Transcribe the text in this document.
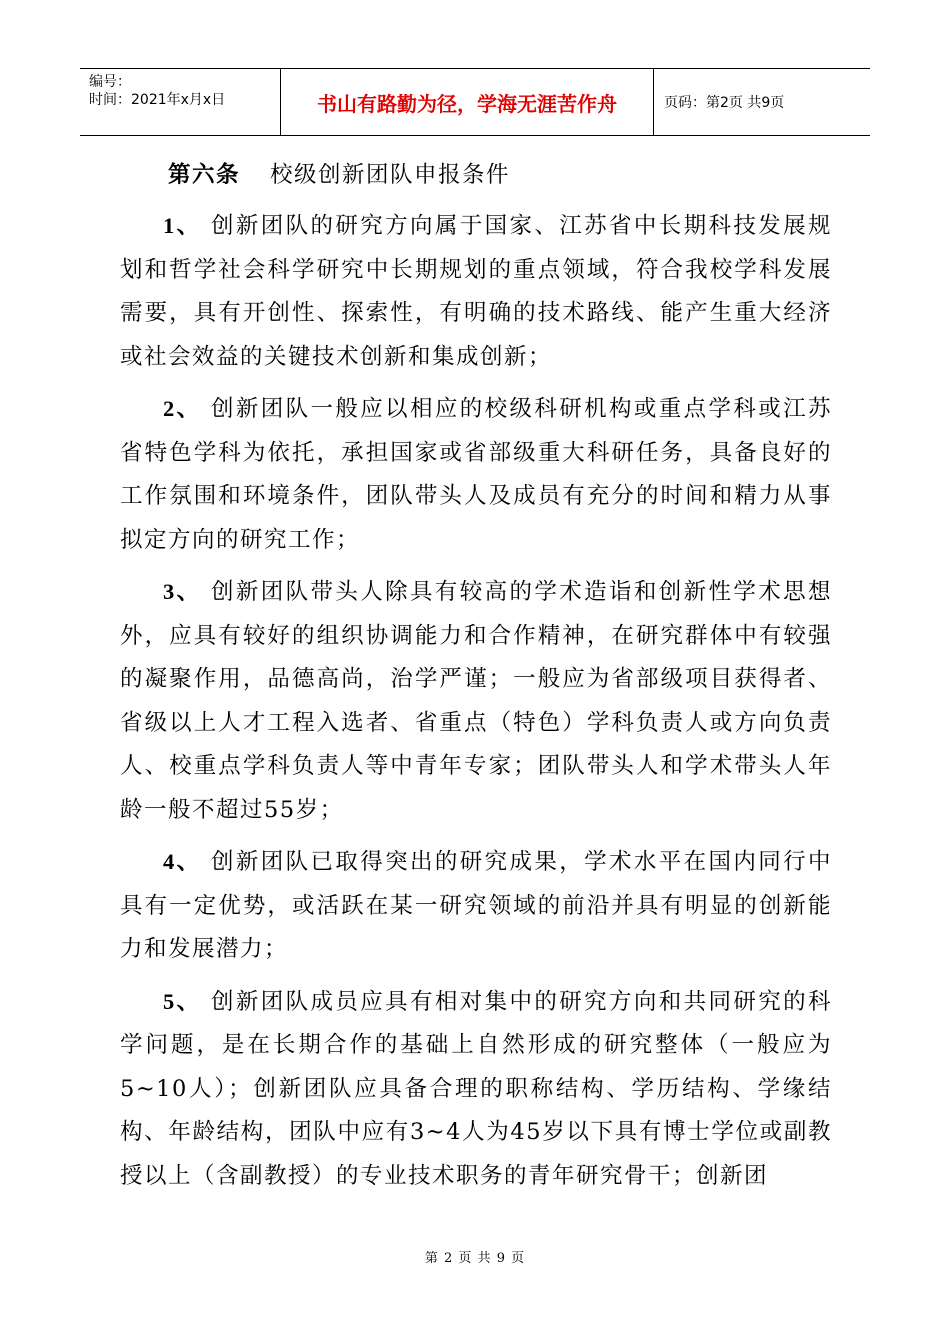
编号：
时间：2021年x月x日	书山有路勤为径，学海无涯苦作舟	页码：第2页 共9页
第六条 校级创新团队申报条件

1、 创新团队的研究方向属于国家、江苏省中长期科技发展规划和哲学社会科学研究中长期规划的重点领域，符合我校学科发展需要，具有开创性、探索性，有明确的技术路线、能产生重大经济或社会效益的关键技术创新和集成创新；

2、 创新团队一般应以相应的校级科研机构或重点学科或江苏省特色学科为依托，承担国家或省部级重大科研任务，具备良好的工作氛围和环境条件，团队带头人及成员有充分的时间和精力从事拟定方向的研究工作；

3、 创新团队带头人除具有较高的学术造诣和创新性学术思想外，应具有较好的组织协调能力和合作精神，在研究群体中有较强的凝聚作用，品德高尚，治学严谨；一般应为省部级项目获得者、省级以上人才工程入选者、省重点（特色）学科负责人或方向负责人、校重点学科负责人等中青年专家；团队带头人和学术带头人年龄一般不超过55岁；

4、 创新团队已取得突出的研究成果，学术水平在国内同行中具有一定优势，或活跃在某一研究领域的前沿并具有明显的创新能力和发展潜力；

5、 创新团队成员应具有相对集中的研究方向和共同研究的科学问题，是在长期合作的基础上自然形成的研究整体（一般应为5~10人）；创新团队应具备合理的职称结构、学历结构、学缘结构、年龄结构，团队中应有3~4人为45岁以下具有博士学位或副教授以上（含副教授）的专业技术职务的青年研究骨干；创新团

第 2 页 共 9 页
